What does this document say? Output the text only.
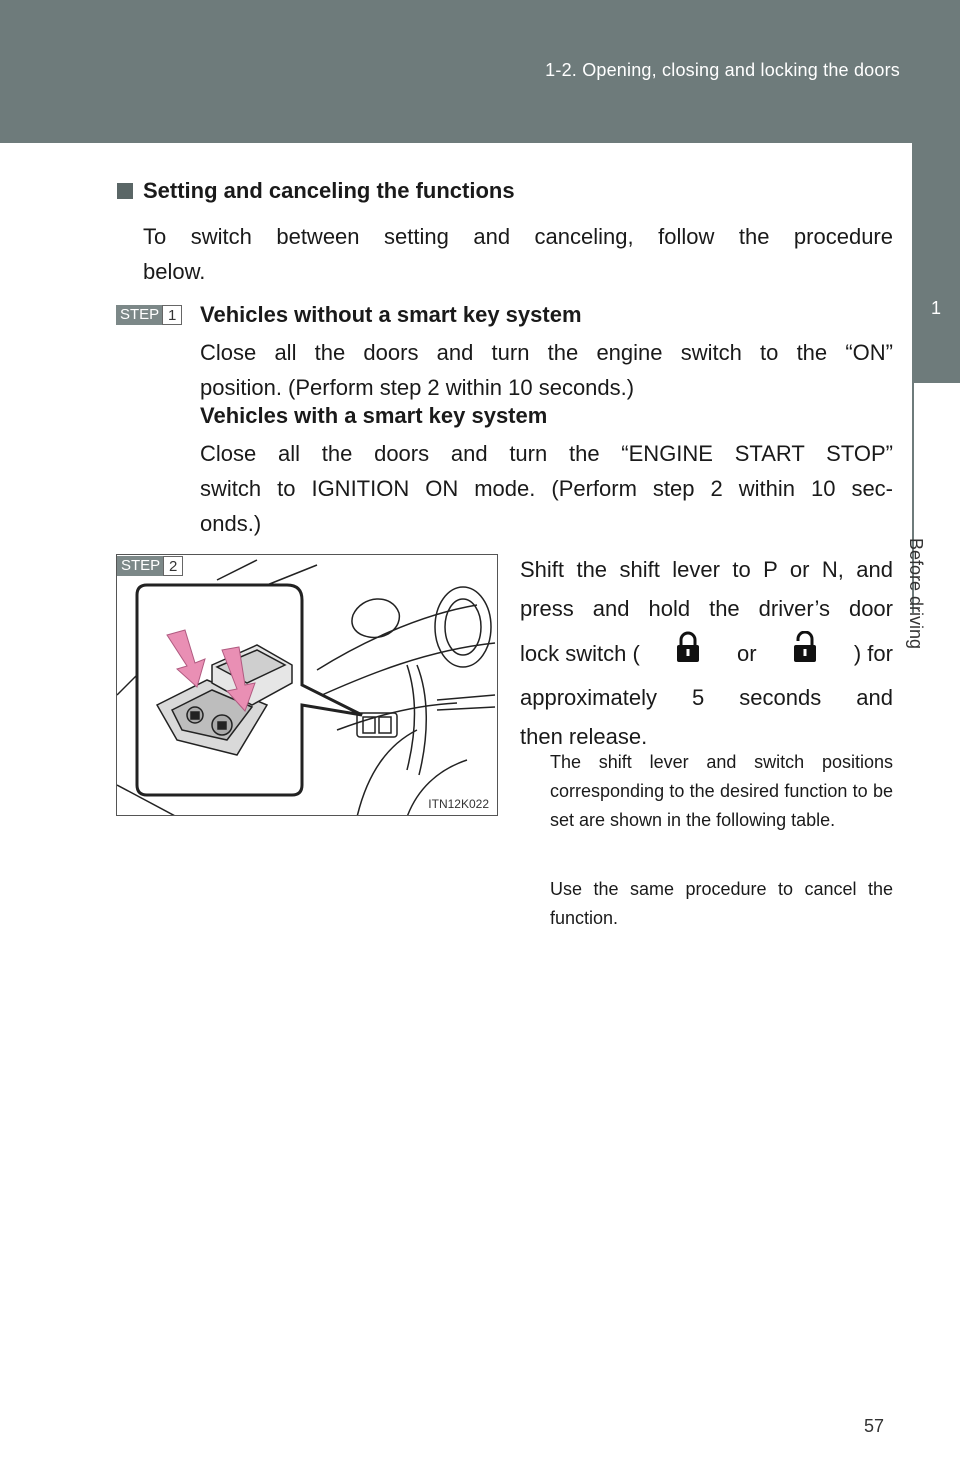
1-2. Opening, closing and locking the doors
1
Before driving
Setting and canceling the functions
To switch between setting and canceling, follow the procedure
below.
STEP 1 Vehicles without a smart key system
Close all the doors and turn the engine switch to the “ON”
position. (Perform step 2 within 10 seconds.)
Vehicles with a smart key system
Close all the doors and turn the “ENGINE START STOP”
switch to IGNITION ON mode. (Perform step 2 within 10 sec-
onds.)
STEP 2
ITN12K022
Shift the shift lever to P or N, and
press and hold the driver’s door
lock switch (	or	) for
approximately 5 seconds and
then release.
The shift lever and switch positions corresponding to the desired function to be set are shown in the following table.
Use the same procedure to cancel the function.
57
